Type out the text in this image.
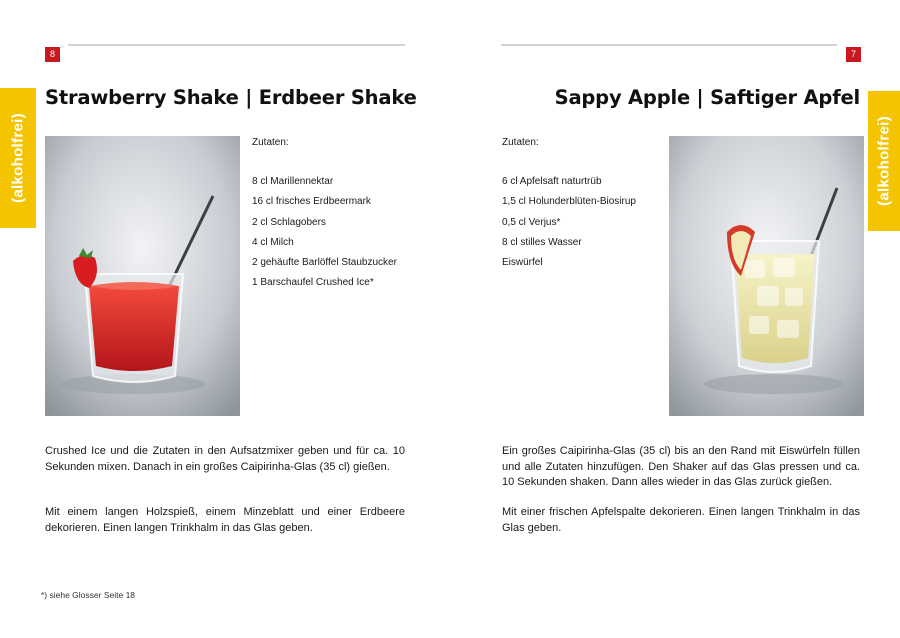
8
(alkoholfrei)
Strawberry Shake | Erdbeer Shake
Zutaten:
8 cl Marillennektar
16 cl frisches Erdbeermark
2 cl Schlagobers
4 cl Milch
2 gehäufte Barlöffel Staubzucker
1 Barschaufel Crushed Ice*

Crushed Ice und die Zutaten in den Aufsatzmixer geben und für ca. 10 Sekunden mixen. Danach in ein großes Caipirinha-Glas (35 cl) gießen.

Mit einem langen Holzspieß, einem Minzeblatt und einer Erdbeere dekorieren. Einen langen Trinkhalm in das Glas geben.

*) siehe Glosser Seite 18
7
(alkoholfrei)
Sappy Apple | Saftiger Apfel
Zutaten:
6 cl Apfelsaft naturtrüb
1,5 cl Holunderblüten-Biosirup
0,5 cl Verjus*
8 cl stilles Wasser
Eiswürfel

Ein großes Caipirinha-Glas (35 cl) bis an den Rand mit Eiswürfeln füllen und alle Zutaten hinzufügen. Den Shaker auf das Glas pressen und ca. 10 Sekunden shaken. Dann alles wieder in das Glas zurück gießen.

Mit einer frischen Apfelspalte dekorieren. Einen langen Trinkhalm in das Glas geben.
